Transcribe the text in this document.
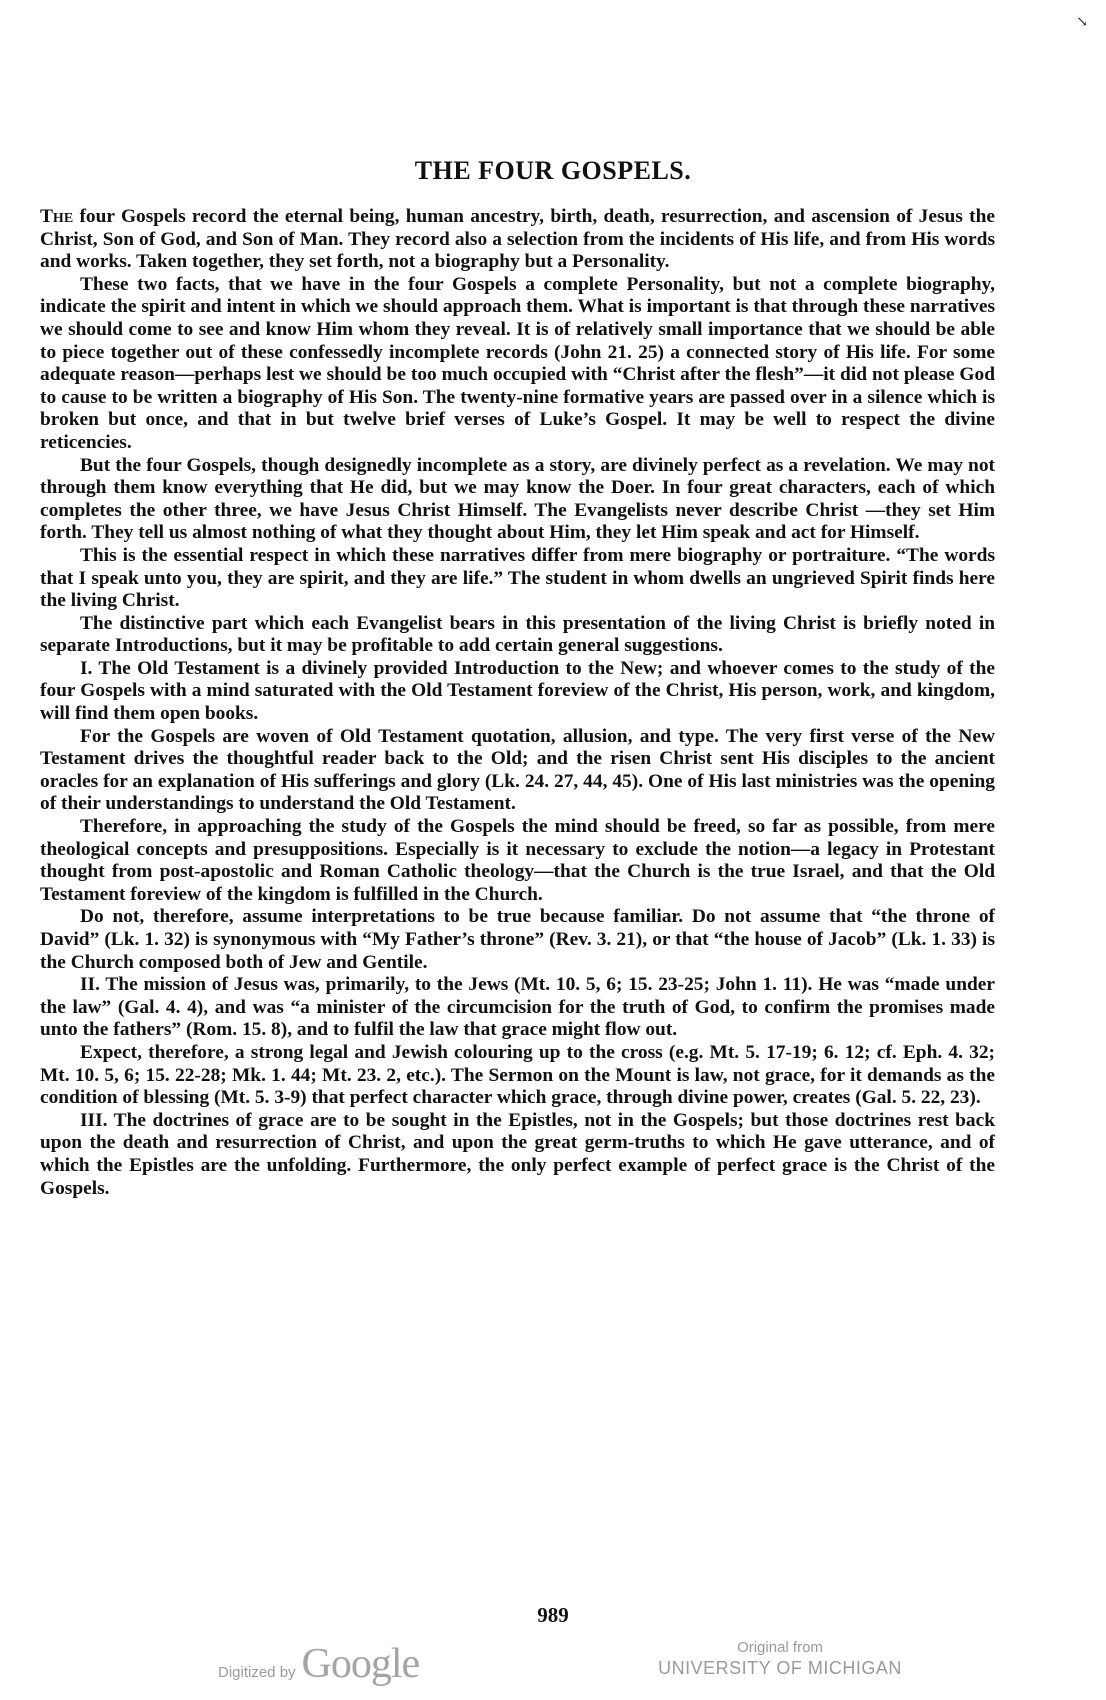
↘
THE FOUR GOSPELS.

The four Gospels record the eternal being, human ancestry, birth, death, resurrection, and ascension of Jesus the Christ, Son of God, and Son of Man. They record also a selection from the incidents of His life, and from His words and works. Taken together, they set forth, not a biography but a Personality.

These two facts, that we have in the four Gospels a complete Personality, but not a complete biography, indicate the spirit and intent in which we should approach them. What is important is that through these narratives we should come to see and know Him whom they reveal. It is of relatively small importance that we should be able to piece together out of these confessedly incomplete records (John 21. 25) a connected story of His life. For some adequate reason—perhaps lest we should be too much occupied with “Christ after the flesh”—it did not please God to cause to be written a biography of His Son. The twenty-nine formative years are passed over in a silence which is broken but once, and that in but twelve brief verses of Luke’s Gospel. It may be well to respect the divine reticencies.

But the four Gospels, though designedly incomplete as a story, are divinely perfect as a revelation. We may not through them know everything that He did, but we may know the Doer. In four great characters, each of which completes the other three, we have Jesus Christ Himself. The Evangelists never describe Christ —they set Him forth. They tell us almost nothing of what they thought about Him, they let Him speak and act for Himself.

This is the essential respect in which these narratives differ from mere biography or portraiture. “The words that I speak unto you, they are spirit, and they are life.” The student in whom dwells an ungrieved Spirit finds here the living Christ.

The distinctive part which each Evangelist bears in this presentation of the living Christ is briefly noted in separate Introductions, but it may be profitable to add certain general suggestions.

I. The Old Testament is a divinely provided Introduction to the New; and whoever comes to the study of the four Gospels with a mind saturated with the Old Testament foreview of the Christ, His person, work, and kingdom, will find them open books.

For the Gospels are woven of Old Testament quotation, allusion, and type. The very first verse of the New Testament drives the thoughtful reader back to the Old; and the risen Christ sent His disciples to the ancient oracles for an explanation of His sufferings and glory (Lk. 24. 27, 44, 45). One of His last ministries was the opening of their understandings to understand the Old Testament.

Therefore, in approaching the study of the Gospels the mind should be freed, so far as possible, from mere theological concepts and presuppositions. Especially is it necessary to exclude the notion—a legacy in Protestant thought from post-apostolic and Roman Catholic theology—that the Church is the true Israel, and that the Old Testament foreview of the kingdom is fulfilled in the Church.

Do not, therefore, assume interpretations to be true because familiar. Do not assume that “the throne of David” (Lk. 1. 32) is synonymous with “My Father’s throne” (Rev. 3. 21), or that “the house of Jacob” (Lk. 1. 33) is the Church composed both of Jew and Gentile.

II. The mission of Jesus was, primarily, to the Jews (Mt. 10. 5, 6; 15. 23-25; John 1. 11). He was “made under the law” (Gal. 4. 4), and was “a minister of the circumcision for the truth of God, to confirm the promises made unto the fathers” (Rom. 15. 8), and to fulfil the law that grace might flow out.

Expect, therefore, a strong legal and Jewish colouring up to the cross (e.g. Mt. 5. 17-19; 6. 12; cf. Eph. 4. 32; Mt. 10. 5, 6; 15. 22-28; Mk. 1. 44; Mt. 23. 2, etc.). The Sermon on the Mount is law, not grace, for it demands as the condition of blessing (Mt. 5. 3-9) that perfect character which grace, through divine power, creates (Gal. 5. 22, 23).

III. The doctrines of grace are to be sought in the Epistles, not in the Gospels; but those doctrines rest back upon the death and resurrection of Christ, and upon the great germ-truths to which He gave utterance, and of which the Epistles are the unfolding. Furthermore, the only perfect example of perfect grace is the Christ of the Gospels.

989
Digitized by Google	Original from
UNIVERSITY OF MICHIGAN
